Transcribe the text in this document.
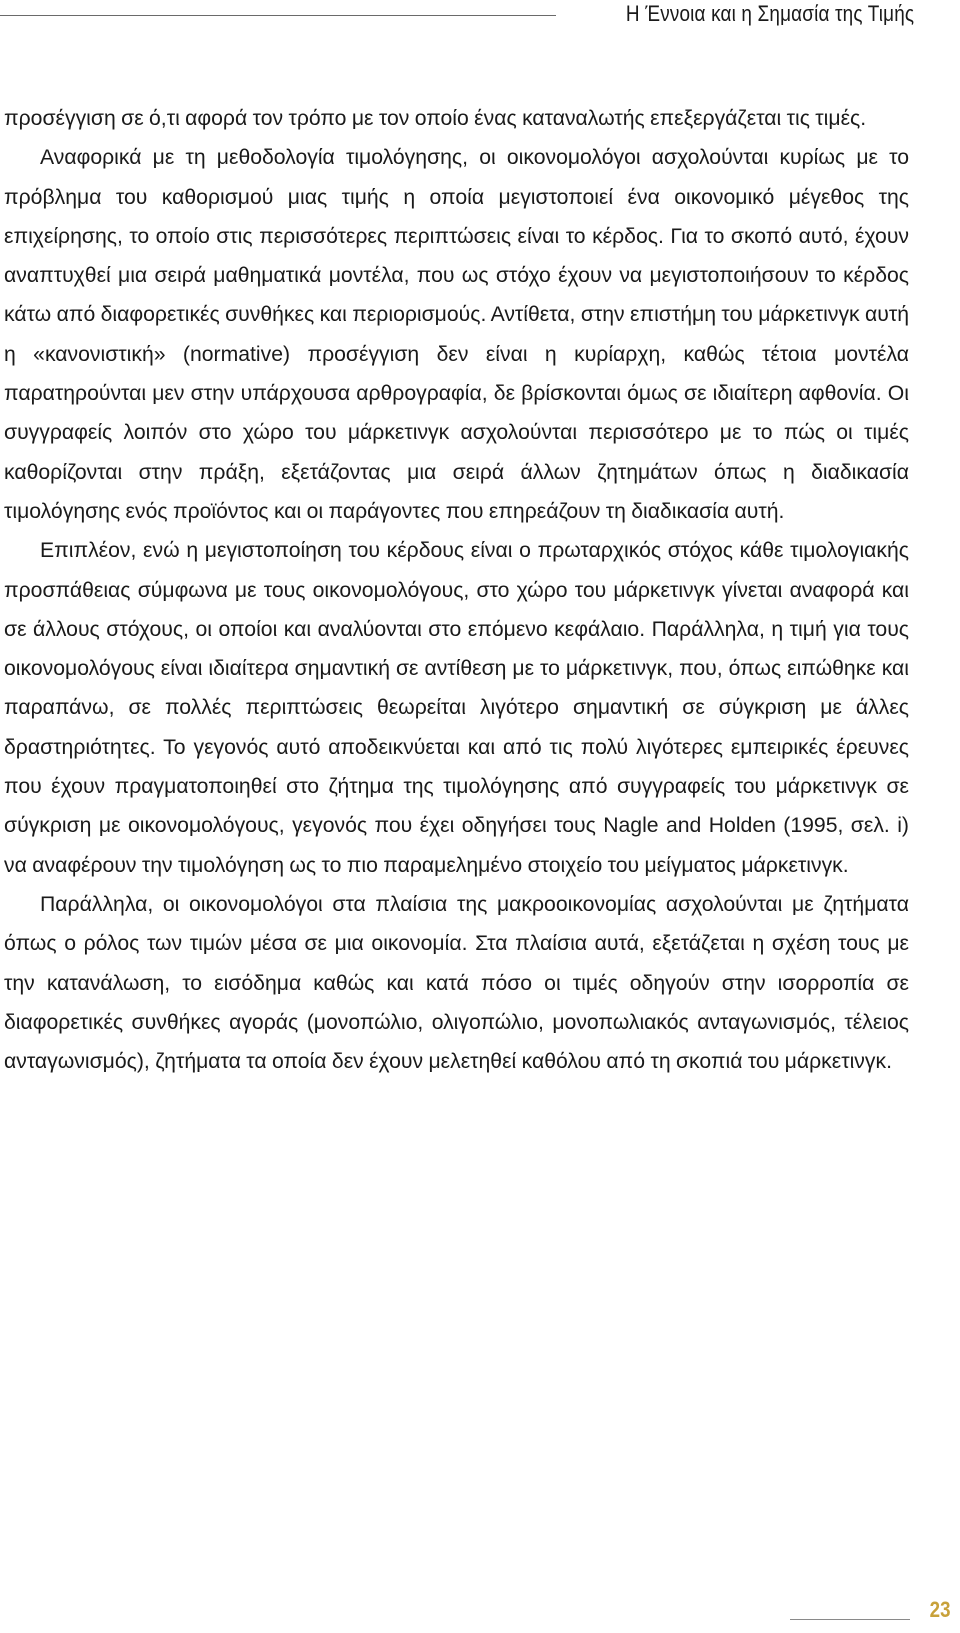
Η Έννοια και η Σημασία της Τιμής

προσέγγιση σε ό,τι αφορά τον τρόπο με τον οποίο ένας καταναλωτής επεξεργάζεται τις τιμές.

Αναφορικά με τη μεθοδολογία τιμολόγησης, οι οικονομολόγοι ασχολούνται κυρίως με το πρόβλημα του καθορισμού μιας τιμής η οποία μεγιστοποιεί ένα οικονομικό μέγεθος της επιχείρησης, το οποίο στις περισσότερες περιπτώσεις είναι το κέρδος. Για το σκοπό αυτό, έχουν αναπτυχθεί μια σειρά μαθηματικά μοντέλα, που ως στόχο έχουν να μεγιστοποιήσουν το κέρδος κάτω από διαφορετικές συνθήκες και περιορισμούς. Αντίθετα, στην επιστήμη του μάρκετινγκ αυτή η «κανονιστική» (normative) προσέγγιση δεν είναι η κυρίαρχη, καθώς τέτοια μοντέλα παρατηρούνται μεν στην υπάρχουσα αρθρογραφία, δε βρίσκονται όμως σε ιδιαίτερη αφθονία. Οι συγγραφείς λοιπόν στο χώρο του μάρκετινγκ ασχολούνται περισσότερο με το πώς οι τιμές καθορίζονται στην πράξη, εξετάζοντας μια σειρά άλλων ζητημάτων όπως η διαδικασία τιμολόγησης ενός προϊόντος και οι παράγοντες που επηρεάζουν τη διαδικασία αυτή.

Επιπλέον, ενώ η μεγιστοποίηση του κέρδους είναι ο πρωταρχικός στόχος κάθε τιμολογιακής προσπάθειας σύμφωνα με τους οικονομολόγους, στο χώρο του μάρκετινγκ γίνεται αναφορά και σε άλλους στόχους, οι οποίοι και αναλύονται στο επόμενο κεφάλαιο. Παράλληλα, η τιμή για τους οικονομολόγους είναι ιδιαίτερα σημαντική σε αντίθεση με το μάρκετινγκ, που, όπως ειπώθηκε και παραπάνω, σε πολλές περιπτώσεις θεωρείται λιγότερο σημαντική σε σύγκριση με άλλες δραστηριότητες. Το γεγονός αυτό αποδεικνύεται και από τις πολύ λιγότερες εμπειρικές έρευνες που έχουν πραγματοποιηθεί στο ζήτημα της τιμολόγησης από συγγραφείς του μάρκετινγκ σε σύγκριση με οικονομολόγους, γεγονός που έχει οδηγήσει τους Nagle and Holden (1995, σελ. i) να αναφέρουν την τιμολόγηση ως το πιο παραμελημένο στοιχείο του μείγματος μάρκετινγκ.

Παράλληλα, οι οικονομολόγοι στα πλαίσια της μακροοικονομίας ασχολούνται με ζητήματα όπως ο ρόλος των τιμών μέσα σε μια οικονομία. Στα πλαίσια αυτά, εξετάζεται η σχέση τους με την κατανάλωση, το εισόδημα καθώς και κατά πόσο οι τιμές οδηγούν στην ισορροπία σε διαφορετικές συνθήκες αγοράς (μονοπώλιο, ολιγοπώλιο, μονοπωλιακός ανταγωνισμός, τέλειος ανταγωνισμός), ζητήματα τα οποία δεν έχουν μελετηθεί καθόλου από τη σκοπιά του μάρκετινγκ.

23
